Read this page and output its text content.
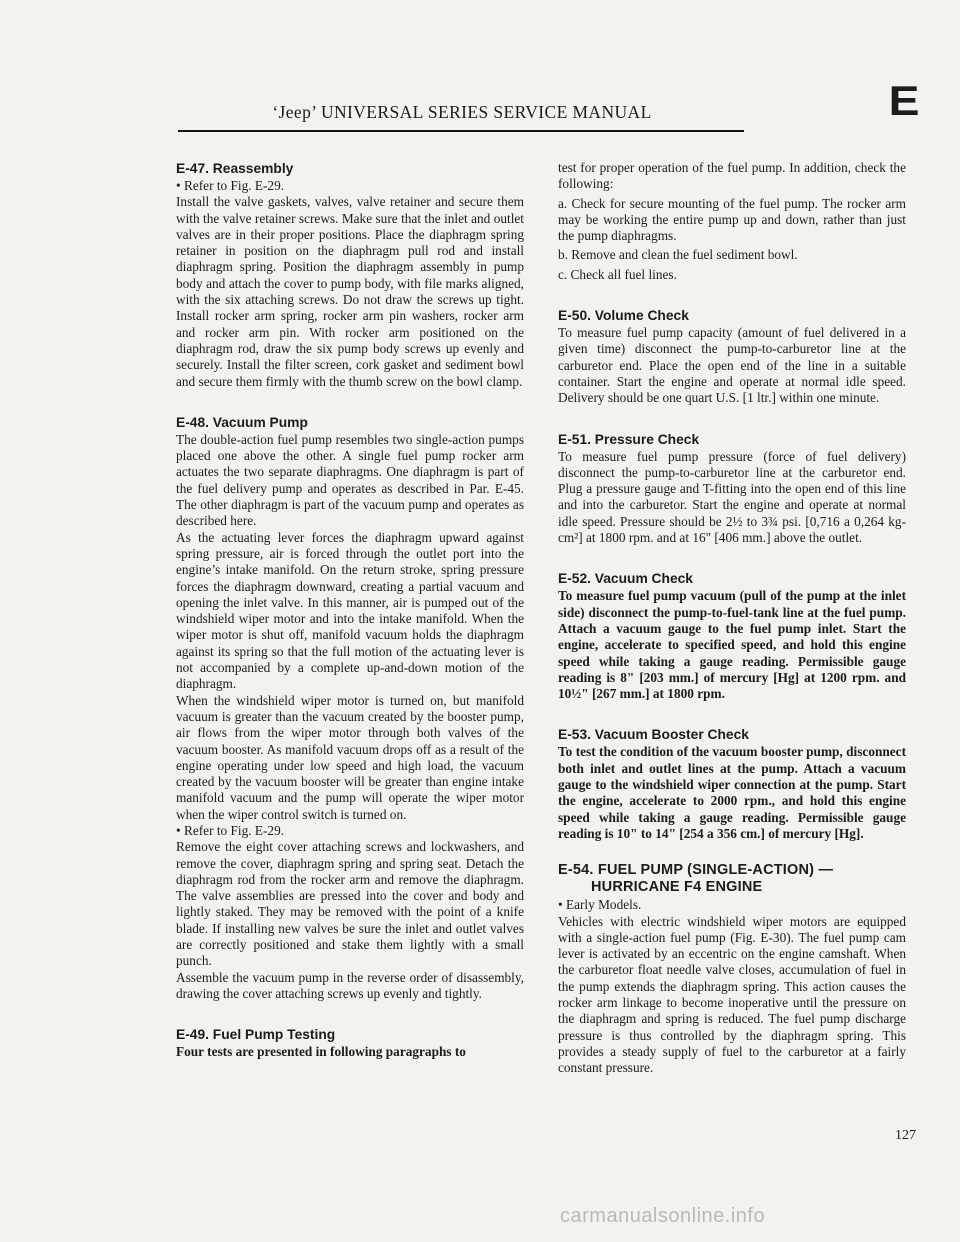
‘Jeep’ UNIVERSAL SERIES SERVICE MANUAL	E
E-47. Reassembly

• Refer to Fig. E-29.

Install the valve gaskets, valves, valve retainer and secure them with the valve retainer screws. Make sure that the inlet and outlet valves are in their proper positions. Place the diaphragm spring retainer in position on the diaphragm pull rod and install diaphragm spring. Position the diaphragm assembly in pump body and attach the cover to pump body, with file marks aligned, with the six attaching screws. Do not draw the screws up tight. Install rocker arm spring, rocker arm pin washers, rocker arm and rocker arm pin. With rocker arm positioned on the diaphragm rod, draw the six pump body screws up evenly and securely. Install the filter screen, cork gasket and sediment bowl and secure them firmly with the thumb screw on the bowl clamp.

E-48. Vacuum Pump

The double-action fuel pump resembles two single-action pumps placed one above the other. A single fuel pump rocker arm actuates the two separate diaphragms. One diaphragm is part of the fuel delivery pump and operates as described in Par. E-45. The other diaphragm is part of the vacuum pump and operates as described here.

As the actuating lever forces the diaphragm upward against spring pressure, air is forced through the outlet port into the engine’s intake manifold. On the return stroke, spring pressure forces the diaphragm downward, creating a partial vacuum and opening the inlet valve. In this manner, air is pumped out of the windshield wiper motor and into the intake manifold. When the wiper motor is shut off, manifold vacuum holds the diaphragm against its spring so that the full motion of the actuating lever is not accompanied by a complete up-and-down motion of the diaphragm.

When the windshield wiper motor is turned on, but manifold vacuum is greater than the vacuum created by the booster pump, air flows from the wiper motor through both valves of the vacuum booster. As manifold vacuum drops off as a result of the engine operating under low speed and high load, the vacuum created by the vacuum booster will be greater than engine intake manifold vacuum and the pump will operate the wiper motor when the wiper control switch is turned on.

• Refer to Fig. E-29.

Remove the eight cover attaching screws and lockwashers, and remove the cover, diaphragm spring and spring seat. Detach the diaphragm rod from the rocker arm and remove the diaphragm. The valve assemblies are pressed into the cover and body and lightly staked. They may be removed with the point of a knife blade. If installing new valves be sure the inlet and outlet valves are correctly positioned and stake them lightly with a small punch.

Assemble the vacuum pump in the reverse order of disassembly, drawing the cover attaching screws up evenly and tightly.

E-49. Fuel Pump Testing

Four tests are presented in following paragraphs to

test for proper operation of the fuel pump. In addition, check the following:

a. Check for secure mounting of the fuel pump. The rocker arm may be working the entire pump up and down, rather than just the pump diaphragms.

b. Remove and clean the fuel sediment bowl.

c. Check all fuel lines.

E-50. Volume Check

To measure fuel pump capacity (amount of fuel delivered in a given time) disconnect the pump-to-carburetor line at the carburetor end. Place the open end of the line in a suitable container. Start the engine and operate at normal idle speed. Delivery should be one quart U.S. [1 ltr.] within one minute.

E-51. Pressure Check

To measure fuel pump pressure (force of fuel delivery) disconnect the pump-to-carburetor line at the carburetor end. Plug a pressure gauge and T-fitting into the open end of this line and into the carburetor. Start the engine and operate at normal idle speed. Pressure should be 2½ to 3¾ psi. [0,716 a 0,264 kg-cm²] at 1800 rpm. and at 16" [406 mm.] above the outlet.

E-52. Vacuum Check

To measure fuel pump vacuum (pull of the pump at the inlet side) disconnect the pump-to-fuel-tank line at the fuel pump. Attach a vacuum gauge to the fuel pump inlet. Start the engine, accelerate to specified speed, and hold this engine speed while taking a gauge reading. Permissible gauge reading is 8" [203 mm.] of mercury [Hg] at 1200 rpm. and 10½" [267 mm.] at 1800 rpm.

E-53. Vacuum Booster Check

To test the condition of the vacuum booster pump, disconnect both inlet and outlet lines at the pump. Attach a vacuum gauge to the windshield wiper connection at the pump. Start the engine, accelerate to 2000 rpm., and hold this engine speed while taking a gauge reading. Permissible gauge reading is 10" to 14" [254 a 356 cm.] of mercury [Hg].

E-54. FUEL PUMP (SINGLE-ACTION) —
HURRICANE F4 ENGINE

• Early Models.

Vehicles with electric windshield wiper motors are equipped with a single-action fuel pump (Fig. E-30). The fuel pump cam lever is activated by an eccentric on the engine camshaft. When the carburetor float needle valve closes, accumulation of fuel in the pump extends the diaphragm spring. This action causes the rocker arm linkage to become inoperative until the pressure on the diaphragm and spring is reduced. The fuel pump discharge pressure is thus controlled by the diaphragm spring. This provides a steady supply of fuel to the carburetor at a fairly constant pressure.

127
carmanualsonline.info
